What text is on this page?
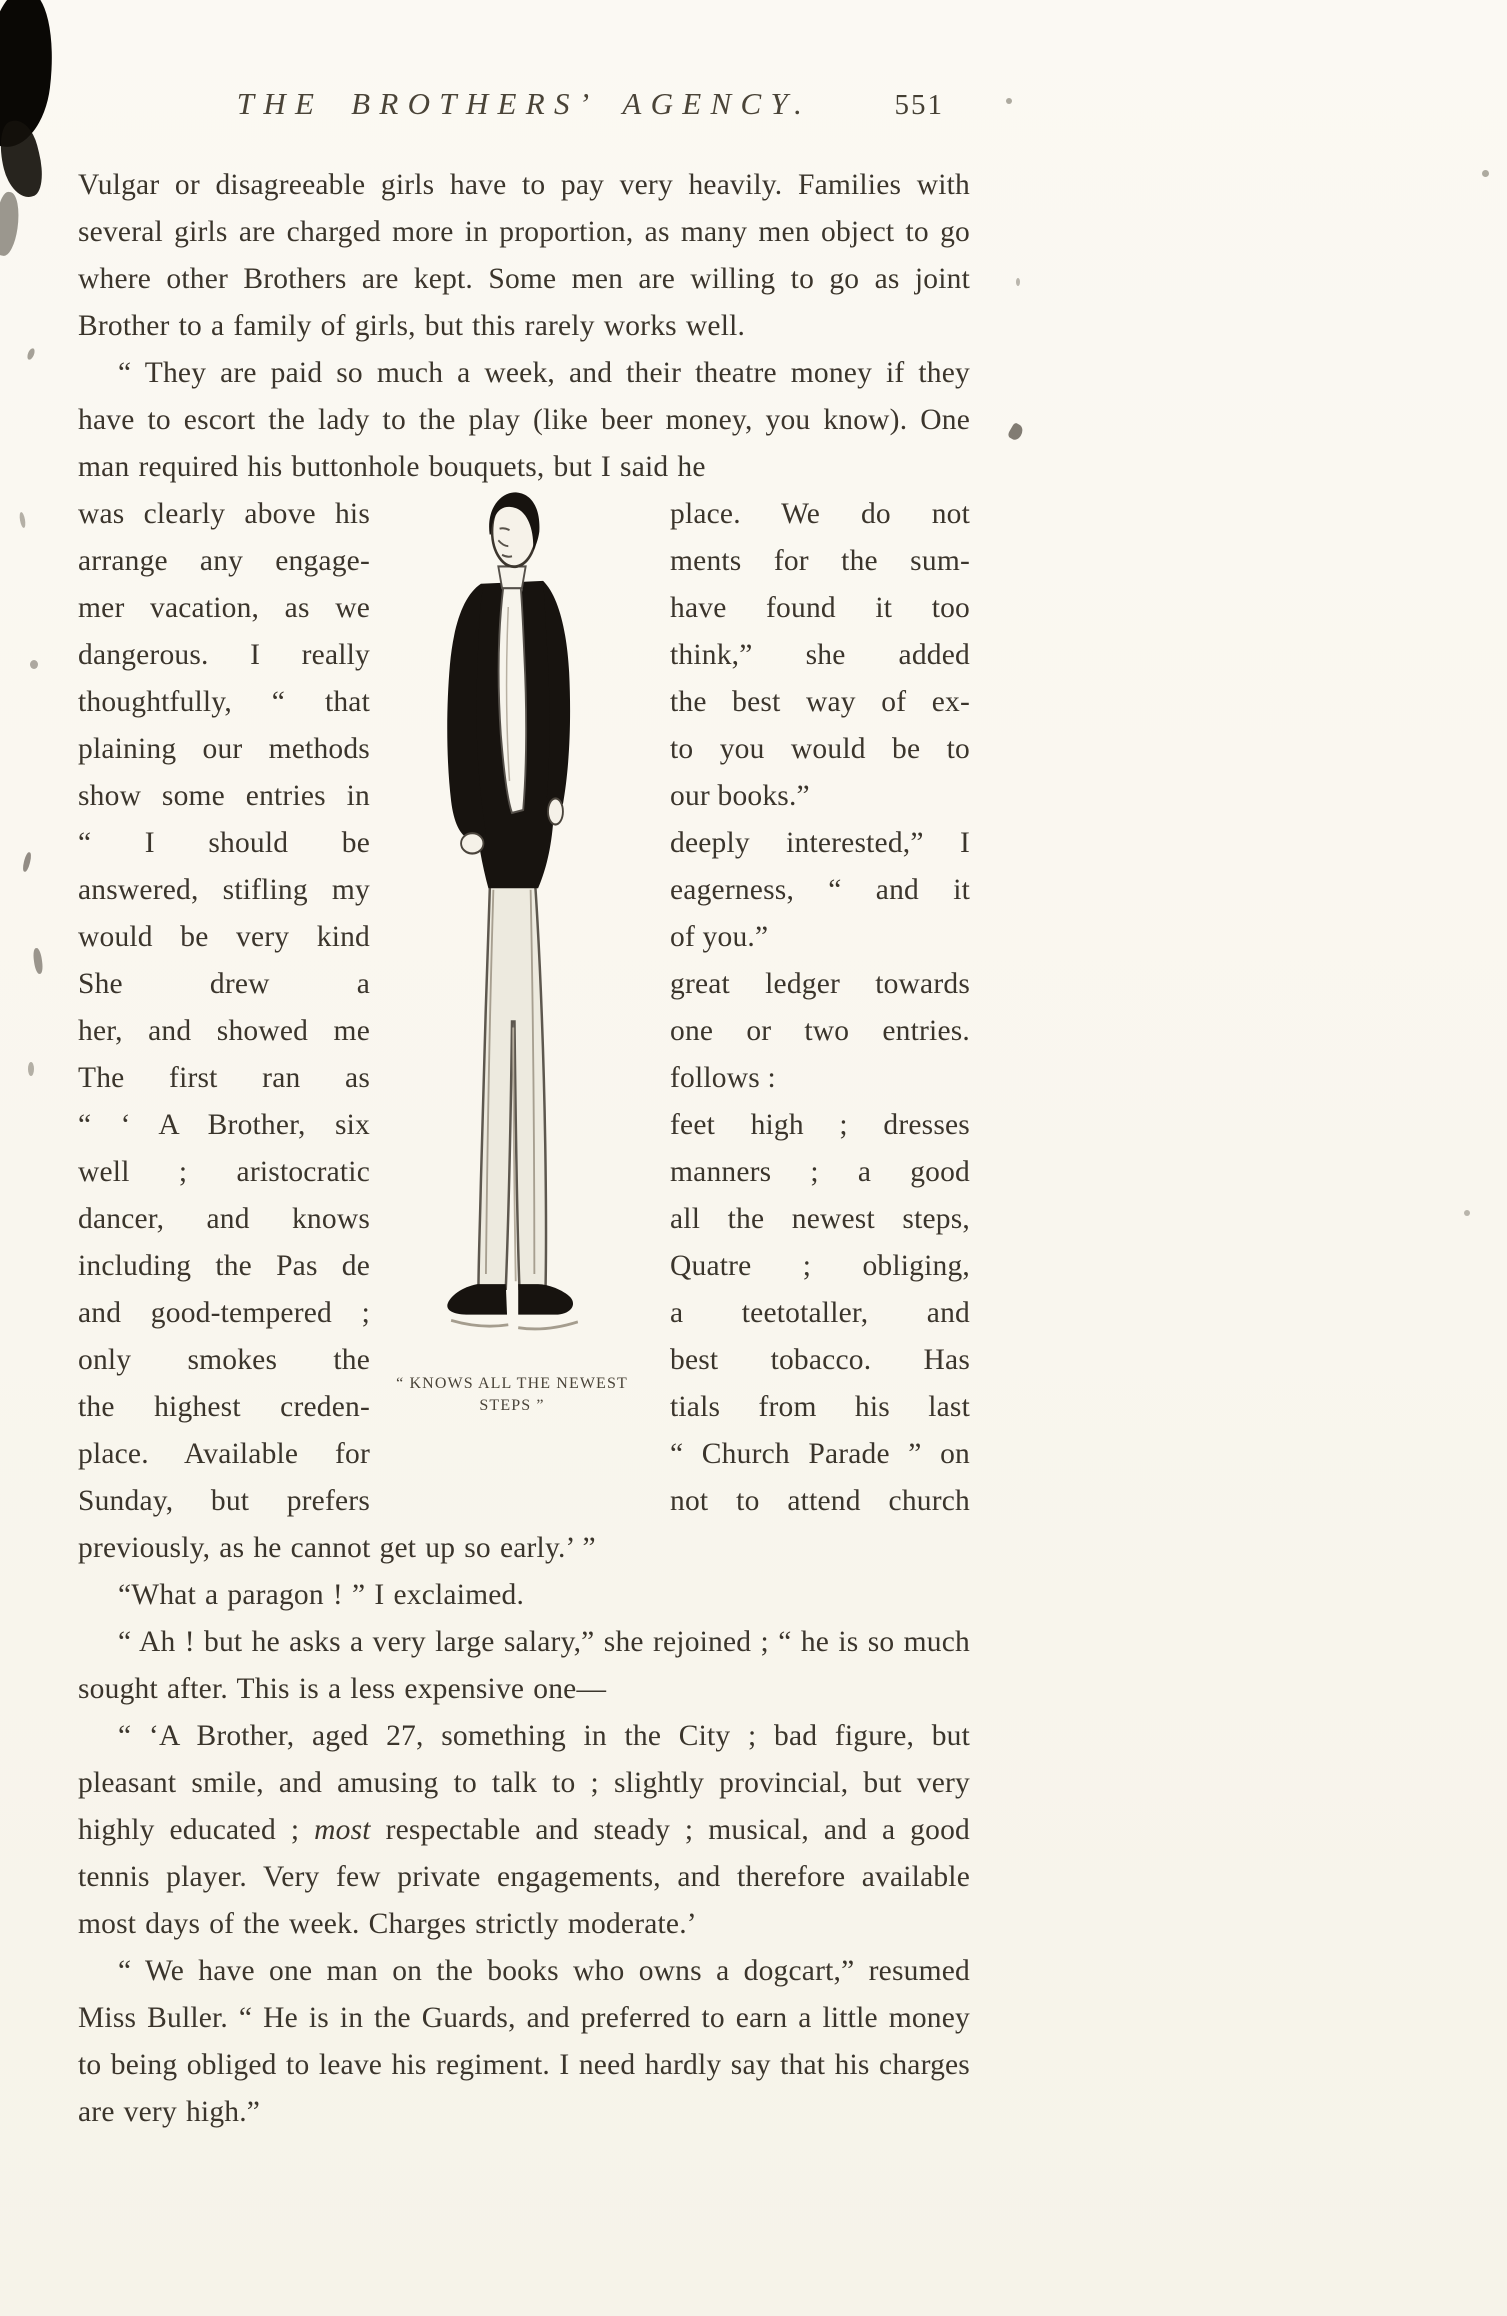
THE BROTHERS’ AGENCY.	551

Vulgar or disagreeable girls have to pay very heavily. Families with several girls are charged more in proportion, as many men object to go where other Brothers are kept. Some men are willing to go as joint Brother to a family of girls, but this rarely works well.

“ They are paid so much a week, and their theatre money if they have to escort the lady to the play (like beer money, you know). One man required his buttonhole bouquets, but I said he

was clearly above his
arrange any engage-
mer vacation, as we
dangerous. I really
thoughtfully, “ that
plaining our methods
show some entries in
“ I should be
answered, stifling my
would be very kind
She drew a
her, and showed me
The first ran as
“ ‘ A Brother, six
well ; aristocratic
dancer, and knows
including the Pas de
and good-tempered ;
only smokes the
the highest creden-
place. Available for
Sunday, but prefers
“ KNOWS ALL THE NEWEST
STEPS ”
place. We do not
ments for the sum-
have found it too
think,” she added
the best way of ex-
to you would be to
our books.”
deeply interested,” I
eagerness, “ and it
of you.”
great ledger towards
one or two entries.
follows :
feet high ; dresses
manners ; a good
all the newest steps,
Quatre ; obliging,
a teetotaller, and
best tobacco. Has
tials from his last
“ Church Parade ” on
not to attend church

previously, as he cannot get up so early.’ ”

“What a paragon ! ” I exclaimed.

“ Ah ! but he asks a very large salary,” she rejoined ; “ he is so much sought after. This is a less expensive one—

“ ‘A Brother, aged 27, something in the City ; bad figure, but pleasant smile, and amusing to talk to ; slightly provincial, but very highly educated ; most respectable and steady ; musical, and a good tennis player. Very few private engagements, and therefore available most days of the week. Charges strictly moderate.’

“ We have one man on the books who owns a dogcart,” resumed Miss Buller. “ He is in the Guards, and preferred to earn a little money to being obliged to leave his regiment. I need hardly say that his charges are very high.”
